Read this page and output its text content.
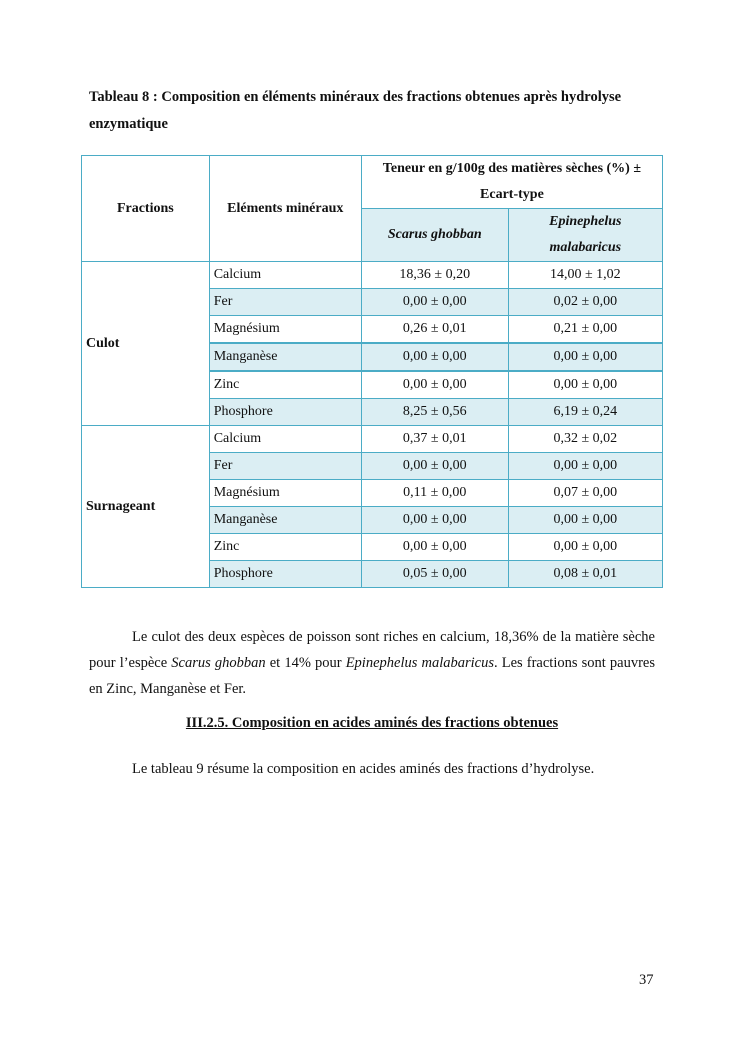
Tableau 8 : Composition en éléments minéraux des fractions obtenues après hydrolyse enzymatique
Fractions	Eléments minéraux	Teneur en g/100g des matières sèches (%) ± Ecart-type	
		Scarus ghobban	Epinephelus malabaricus
Culot	Calcium	18,36 ± 0,20	14,00 ± 1,02
	Fer	0,00 ± 0,00	0,02 ± 0,00
	Magnésium	0,26 ± 0,01	0,21 ± 0,00
	Manganèse	0,00 ± 0,00	0,00 ± 0,00
	Zinc	0,00 ± 0,00	0,00 ± 0,00
	Phosphore	8,25 ± 0,56	6,19 ± 0,24
Surnageant	Calcium	0,37 ± 0,01	0,32 ± 0,02
	Fer	0,00 ± 0,00	0,00 ± 0,00
	Magnésium	0,11 ± 0,00	0,07 ± 0,00
	Manganèse	0,00 ± 0,00	0,00 ± 0,00
	Zinc	0,00 ± 0,00	0,00 ± 0,00
	Phosphore	0,05 ± 0,00	0,08 ± 0,01

Le culot des deux espèces de poisson sont riches en calcium, 18,36% de la matière sèche pour l’espèce Scarus ghobban et 14% pour Epinephelus malabaricus. Les fractions sont pauvres en Zinc, Manganèse et Fer.

III.2.5. Composition en acides aminés des fractions obtenues

Le tableau 9 résume la composition en acides aminés des fractions d’hydrolyse.

37
